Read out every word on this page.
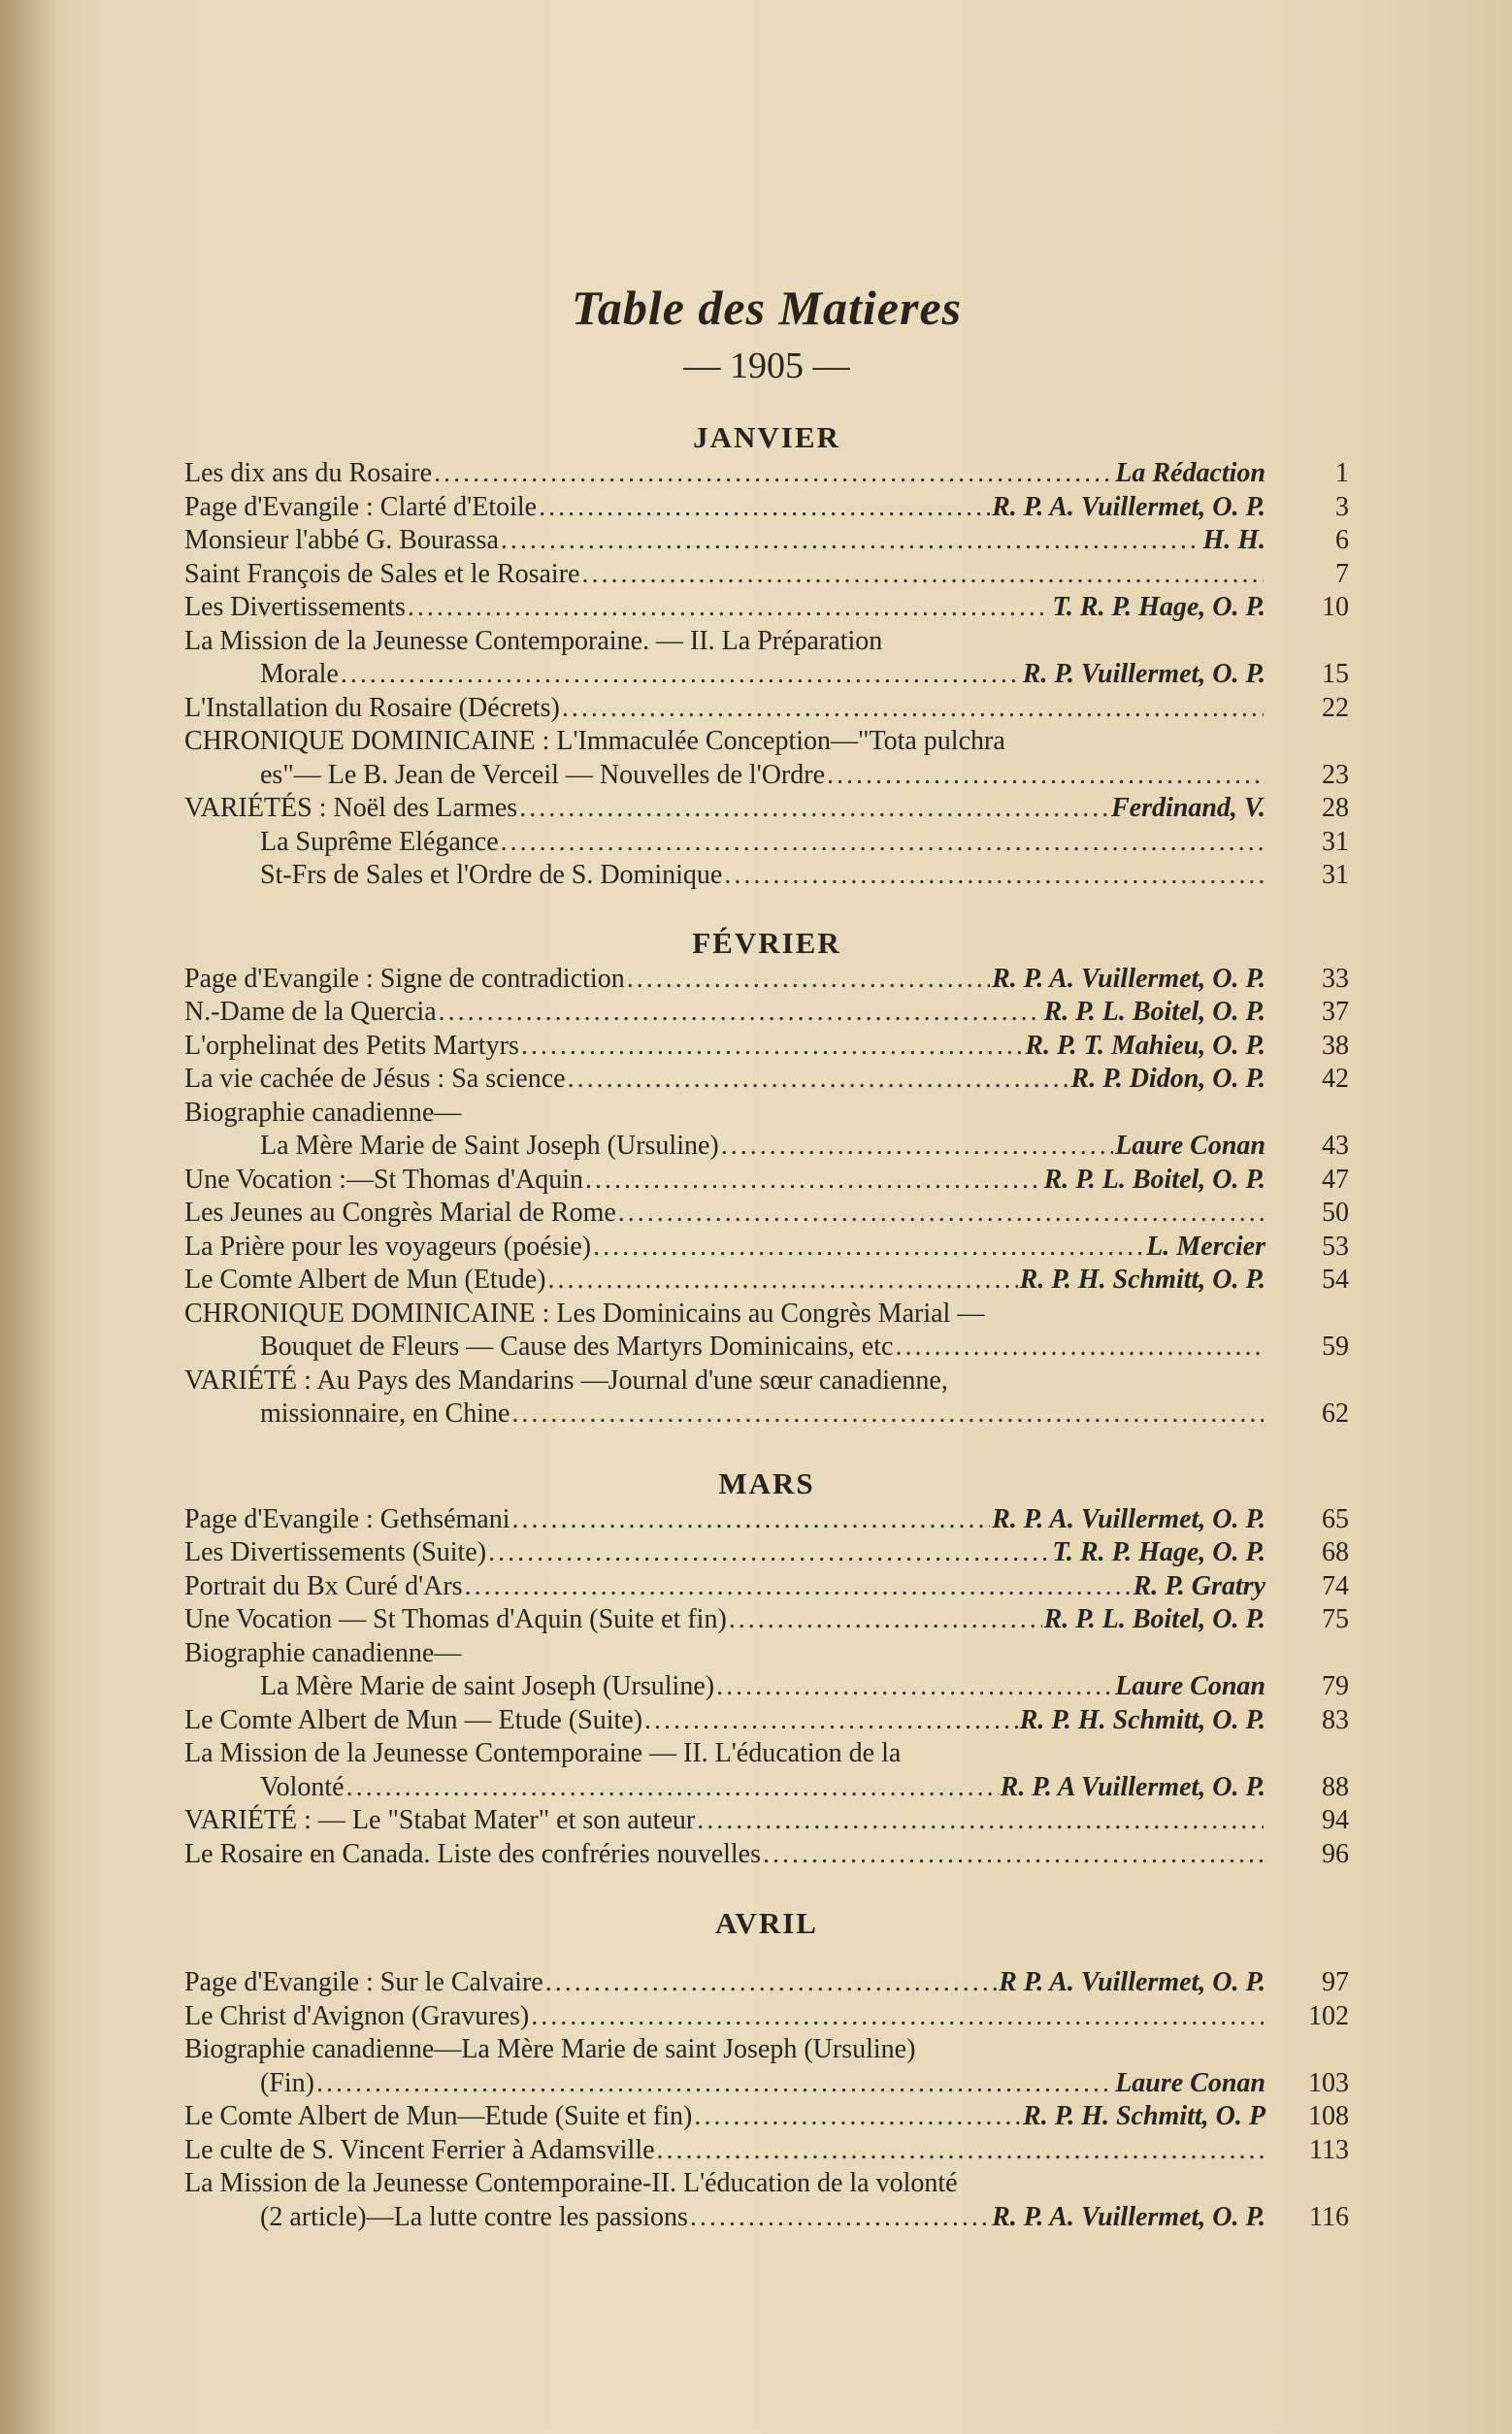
Table des Matieres
— 1905 —
JANVIER
Les dix ans du Rosaire .....	La Rédaction	1
Page d'Evangile : Clarté d'Etoile .....	R. P. A. Vuillermet, O. P.	3
Monsieur l'abbé G. Bourassa .....	H. H.	6
Saint François de Sales et le Rosaire .....	7
Les Divertissements .....	T. R. P. Hage, O. P.	10
La Mission de la Jeunesse Contemporaine. — II. La Préparation
Morale .....	R. P. Vuillermet, O. P.	15
L'Installation du Rosaire (Décrets) .....	22
CHRONIQUE DOMINICAINE : L'Immaculée Conception—"Tota pulchra
es"— Le B. Jean de Verceil — Nouvelles de l'Ordre .....	23
VARIÉTÉS : Noël des Larmes .....	Ferdinand, V.	28
La Suprême Elégance .....	31
St-Frs de Sales et l'Ordre de S. Dominique .....	31
FÉVRIER
Page d'Evangile : Signe de contradiction .....	R. P. A. Vuillermet, O. P.	33
N.-Dame de la Quercia .....	R. P. L. Boitel, O. P.	37
L'orphelinat des Petits Martyrs .....	R. P. T. Mahieu, O. P.	38
La vie cachée de Jésus : Sa science .....	R. P. Didon, O. P.	42
Biographie canadienne—
La Mère Marie de Saint Joseph (Ursuline) .....	Laure Conan	43
Une Vocation :—St Thomas d'Aquin .....	R. P. L. Boitel, O. P.	47
Les Jeunes au Congrès Marial de Rome .....	50
La Prière pour les voyageurs (poésie) .....	L. Mercier	53
Le Comte Albert de Mun (Etude) .....	R. P. H. Schmitt, O. P.	54
CHRONIQUE DOMINICAINE : Les Dominicains au Congrès Marial —
Bouquet de Fleurs — Cause des Martyrs Dominicains, etc .....	59
VARIÉTÉ : Au Pays des Mandarins —Journal d'une sœur canadienne,
missionnaire, en Chine .....	62
MARS
Page d'Evangile : Gethsémani .....	R. P. A. Vuillermet, O. P.	65
Les Divertissements (Suite) .....	T. R. P. Hage, O. P.	68
Portrait du Bx Curé d'Ars .....	R. P. Gratry	74
Une Vocation — St Thomas d'Aquin (Suite et fin) .....	R. P. L. Boitel, O. P.	75
Biographie canadienne—
La Mère Marie de saint Joseph (Ursuline) .....	Laure Conan	79
Le Comte Albert de Mun — Etude (Suite) .....	R. P. H. Schmitt, O. P.	83
La Mission de la Jeunesse Contemporaine — II. L'éducation de la
Volonté .....	R. P. A Vuillermet, O. P.	88
VARIÉTÉ : — Le "Stabat Mater" et son auteur .....	94
Le Rosaire en Canada. Liste des confréries nouvelles .....	96
AVRIL
Page d'Evangile : Sur le Calvaire .....	R P. A. Vuillermet, O. P.	97
Le Christ d'Avignon (Gravures) .....	102
Biographie canadienne—La Mère Marie de saint Joseph (Ursuline)
(Fin) .....	Laure Conan	103
Le Comte Albert de Mun—Etude (Suite et fin) .....	R. P. H. Schmitt, O. P	108
Le culte de S. Vincent Ferrier à Adamsville .....	113
La Mission de la Jeunesse Contemporaine-II. L'éducation de la volonté
(2 article)—La lutte contre les passions .....	R. P. A. Vuillermet, O. P.	116
